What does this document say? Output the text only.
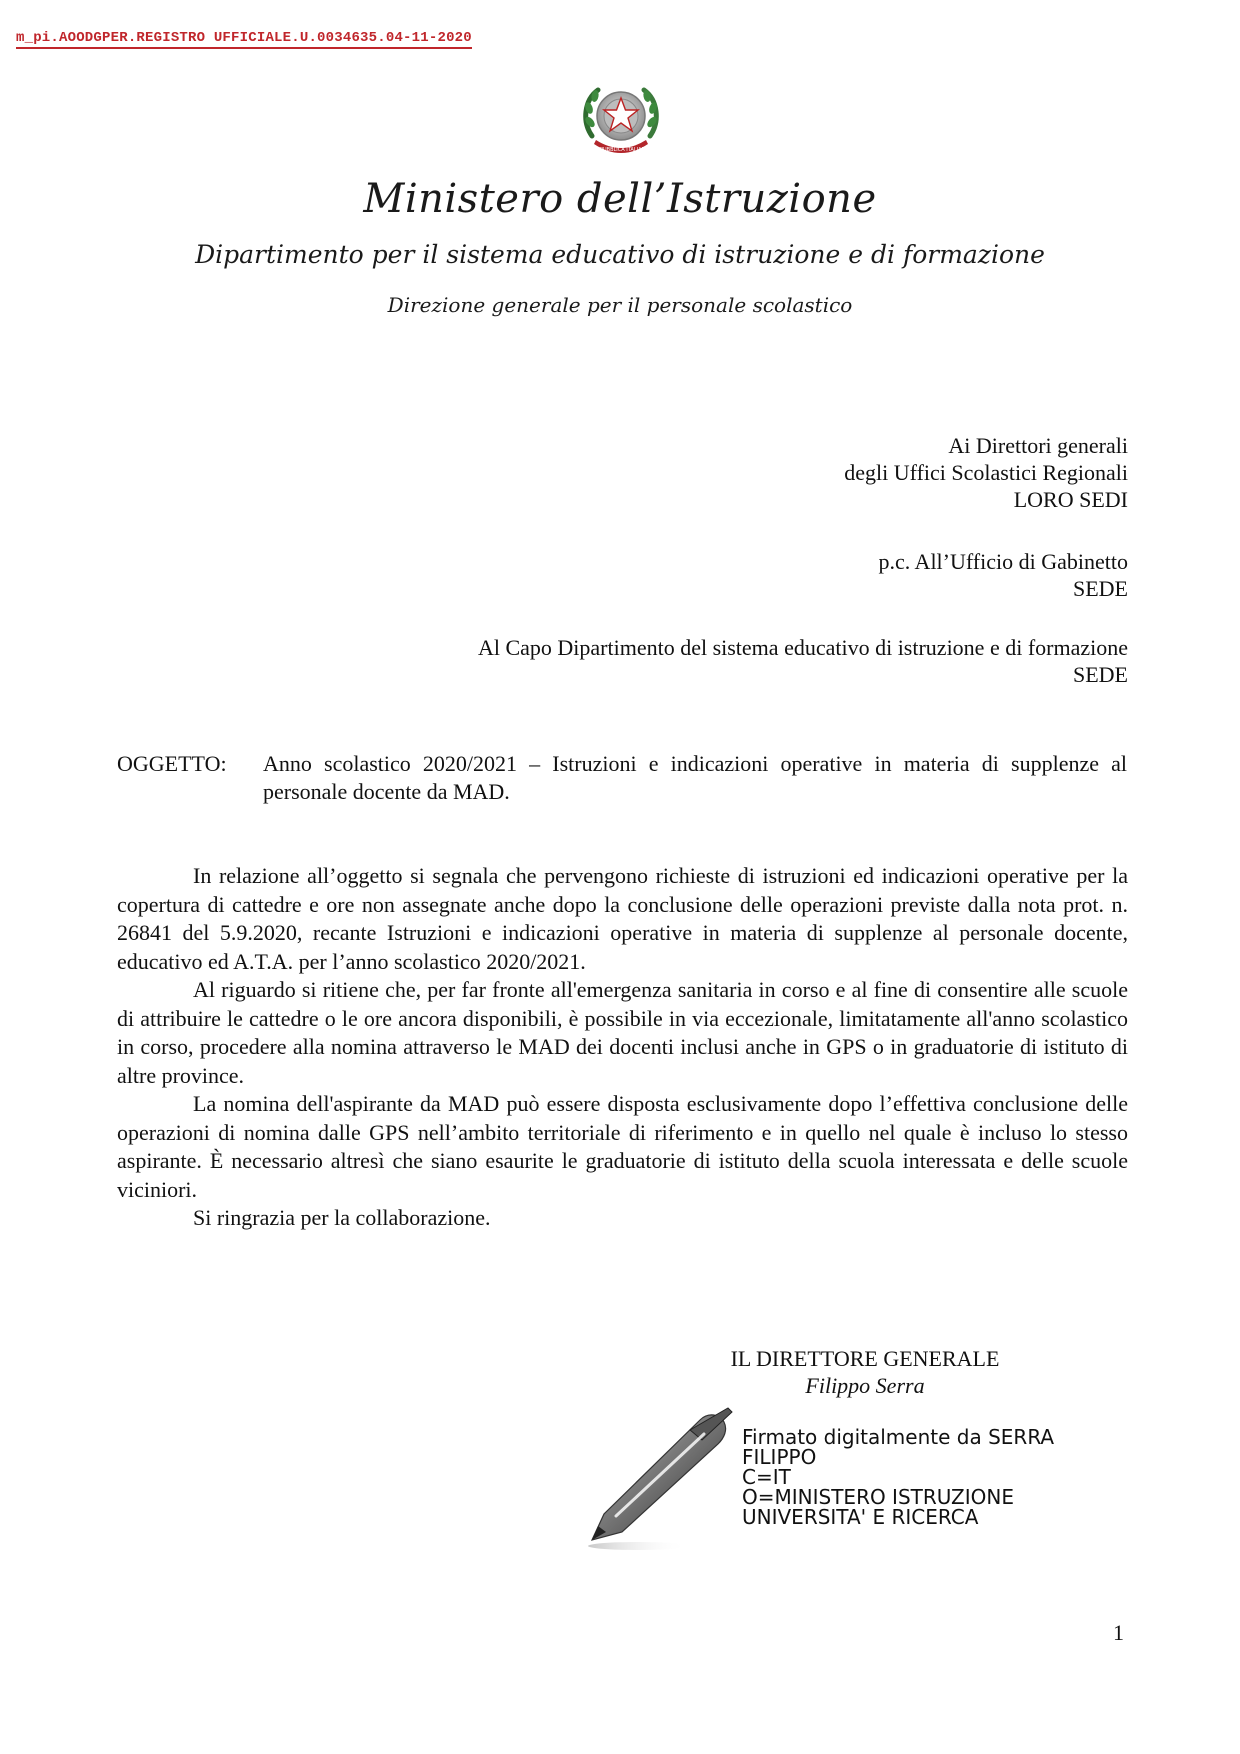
m_pi.AOODGPER.REGISTRO UFFICIALE.U.0034635.04-11-2020
REPUBBLICA ITALIANA
Ministero dell’Istruzione
Dipartimento per il sistema educativo di istruzione e di formazione
Direzione generale per il personale scolastico
Ai Direttori generali
degli Uffici Scolastici Regionali
LORO SEDI
p.c. All’Ufficio di Gabinetto
SEDE
Al Capo Dipartimento del sistema educativo di istruzione e di formazione
SEDE
OGGETTO: Anno scolastico 2020/2021 – Istruzioni e indicazioni operative in materia di supplenze al personale docente da MAD.

In relazione all’oggetto si segnala che pervengono richieste di istruzioni ed indicazioni operative per la copertura di cattedre e ore non assegnate anche dopo la conclusione delle operazioni previste dalla nota prot. n. 26841 del 5.9.2020, recante Istruzioni e indicazioni operative in materia di supplenze al personale docente, educativo ed A.T.A. per l’anno scolastico 2020/2021.

Al riguardo si ritiene che, per far fronte all'emergenza sanitaria in corso e al fine di consentire alle scuole di attribuire le cattedre o le ore ancora disponibili, è possibile in via eccezionale, limitatamente all'anno scolastico in corso, procedere alla nomina attraverso le MAD dei docenti inclusi anche in GPS o in graduatorie di istituto di altre province.

La nomina dell'aspirante da MAD può essere disposta esclusivamente dopo l’effettiva conclusione delle operazioni di nomina dalle GPS nell’ambito territoriale di riferimento e in quello nel quale è incluso lo stesso aspirante. È necessario altresì che siano esaurite le graduatorie di istituto della scuola interessata e delle scuole viciniori.

Si ringrazia per la collaborazione.

IL DIRETTORE GENERALE
Filippo Serra
Firmato digitalmente da SERRA
FILIPPO
C=IT
O=MINISTERO ISTRUZIONE
UNIVERSITA' E RICERCA
1
